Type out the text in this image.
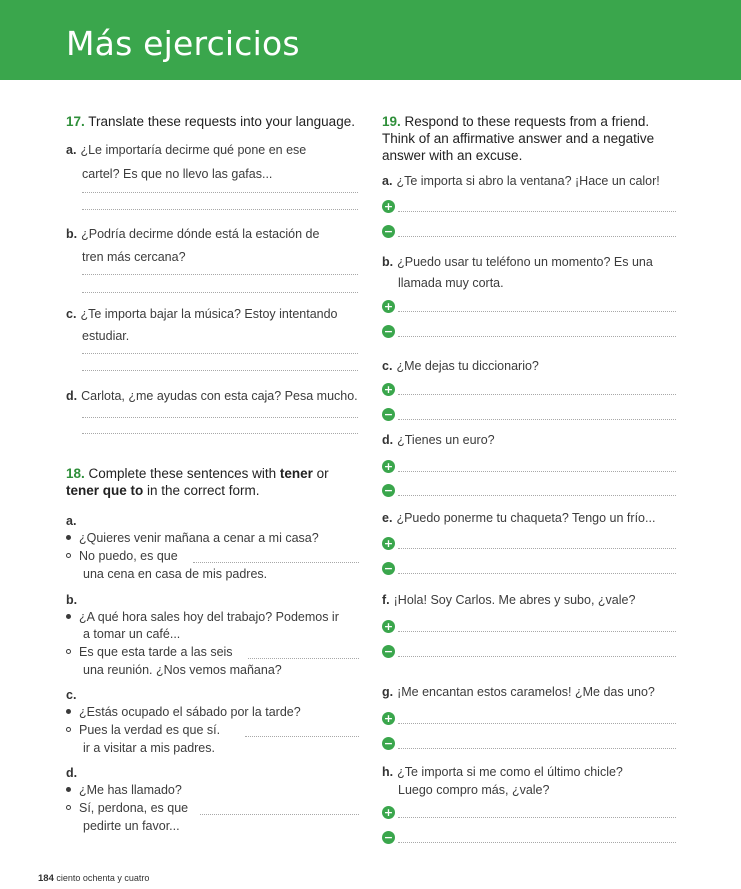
Más ejercicios
17. Translate these requests into your language.
a. ¿Le importaría decirme qué pone en ese
cartel? Es que no llevo las gafas...
b. ¿Podría decirme dónde está la estación de
tren más cercana?
c. ¿Te importa bajar la música? Estoy intentando
estudiar.
d. Carlota, ¿me ayudas con esta caja? Pesa mucho.
18. Complete these sentences with tener or
tener que to in the correct form.
a.
¿Quieres venir mañana a cenar a mi casa?
No puedo, es que
una cena en casa de mis padres.
b.
¿A qué hora sales hoy del trabajo? Podemos ir
a tomar un café...
Es que esta tarde a las seis
una reunión. ¿Nos vemos mañana?
c.
¿Estás ocupado el sábado por la tarde?
Pues la verdad es que sí.
ir a visitar a mis padres.
d.
¿Me has llamado?
Sí, perdona, es que
pedirte un favor...
19. Respond to these requests from a friend.
Think of an affirmative answer and a negative
answer with an excuse.
a. ¿Te importa si abro la ventana? ¡Hace un calor!
+
−
b. ¿Puedo usar tu teléfono un momento? Es una
llamada muy corta.
+
−
c. ¿Me dejas tu diccionario?
+
−
d. ¿Tienes un euro?
+
−
e. ¿Puedo ponerme tu chaqueta? Tengo un frío...
+
−
f. ¡Hola! Soy Carlos. Me abres y subo, ¿vale?
+
−
g. ¡Me encantan estos caramelos! ¿Me das uno?
+
−
h. ¿Te importa si me como el último chicle?
Luego compro más, ¿vale?
+
−
184 ciento ochenta y cuatro
